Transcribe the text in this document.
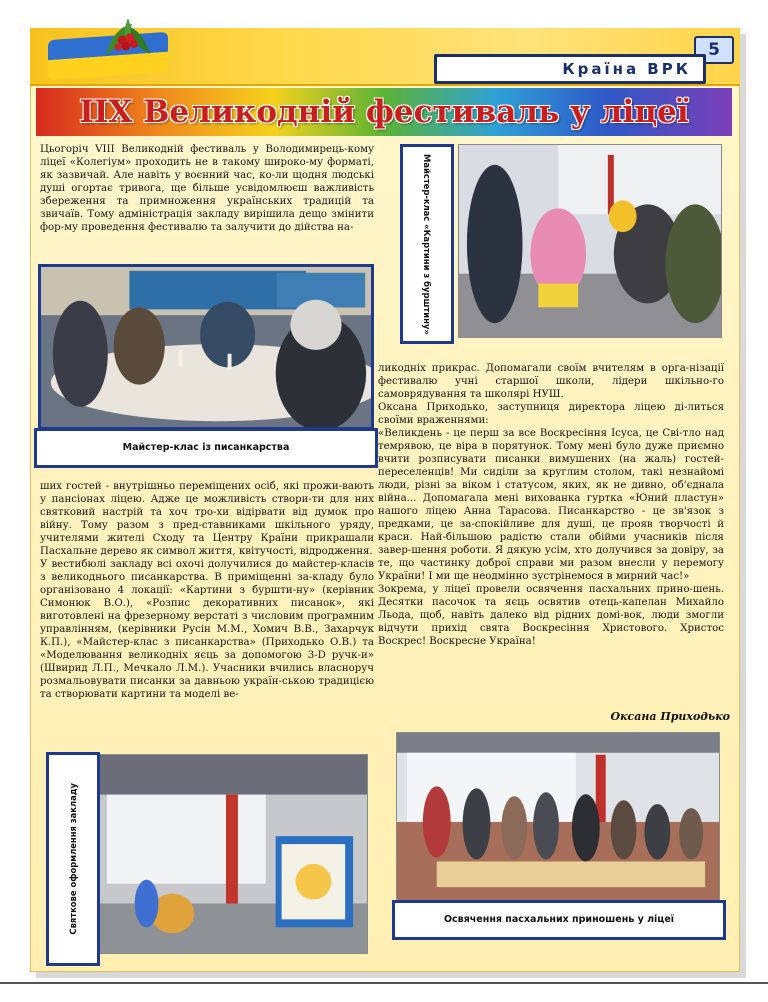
5
Країна ВРК
ІІХ Великодній фестиваль у ліцеї

Цьогоріч VIII Великодній фестиваль у Володимирець-кому ліцеї «Колегіум» проходить не в такому широко-му форматі, як зазвичай. Але навіть у воєнний час, ко-ли щодня людські душі огортає тривога, ще більше усвідомлюєш важливість збереження та примноження українських традицій та звичаїв. Тому адміністрація закладу вирішила дещо змінити фор-му проведення фестивалю та залучити до дійства на-

Майстер-клас із писанкарства

ших гостей - внутрішньо переміщених осіб, які прожи-вають у пансіонах ліцею. Адже це можливість створи-ти для них святковий настрій та хоч тро-хи відірвати від думок про війну. Тому разом з пред-ставниками шкільного уряду, учителями жителі Сходу та Центру Країни прикрашали Пасхальне дерево як символ життя, квітучості, відродження.

У вестибюлі закладу всі охочі долучилися до майстер-класів з великоднього писанкарства. В приміщенні за-кладу було організовано 4 локації: «Картини з буршти-ну» (керівник Симонюк В.О.), «Розпис декоративних писанок», які виготовлені на фрезерному верстаті з числовим програмним управлінням, (керівники Русін М.М., Хомич В.В., Захарчук К.П.), «Майстер-клас з писанкарства» (Приходько О.В.) та «Моделювання великодніх яєць за допомогою 3-D ручк-и» (Швирид Л.П., Мечкало Л.М.). Учасники вчились власноруч розмальовувати писанки за давньою україн-ською традицією та створювати картини та моделі ве-

Майстер-клас «Картини з бурштину»

ликодніх прикрас. Допомагали своїм вчителям в орга-нізації фестивалю учні старшої школи, лідери шкільно-го самоврядування та школярі НУШ.

Оксана Приходько, заступниця директора ліцею ді-литься своїми враженнями:

«Великдень - це перш за все Воскресіння Ісуса, це Сві-тло над темрявою, це віра в порятунок. Тому мені було дуже приємно вчити розписувати писанки вимушених (на жаль) гостей-переселенців! Ми сиділи за круглим столом, такі незнайомі люди, різні за віком і статусом, яких, як не дивно, об'єднала війна... Допомагала мені вихованка гуртка «Юний пластун» нашого ліцею Анна Тарасова. Писанкарство - це зв'язок з предками, це за-спокійливе для душі, це прояв творчості й краси. Най-більшою радістю стали обійми учасників після завер-шення роботи. Я дякую усім, хто долучився за довіру, за те, що частинку доброї справи ми разом внесли у перемогу України! І ми ще неодмінно зустрінемося в мирний час!»

Зокрема, у ліцеї провели освячення пасхальних прино-шень. Десятки пасочок та яєць освятив отець-капелан Михайло Льода, щоб, навіть далеко від рідних домі-вок, люди змогли відчути прихід свята Воскресіння Христового. Христос Воскрес! Воскресне Україна!

Оксана Приходько
Святкове оформлення закладу	Освячення пасхальних приношень у ліцеї
